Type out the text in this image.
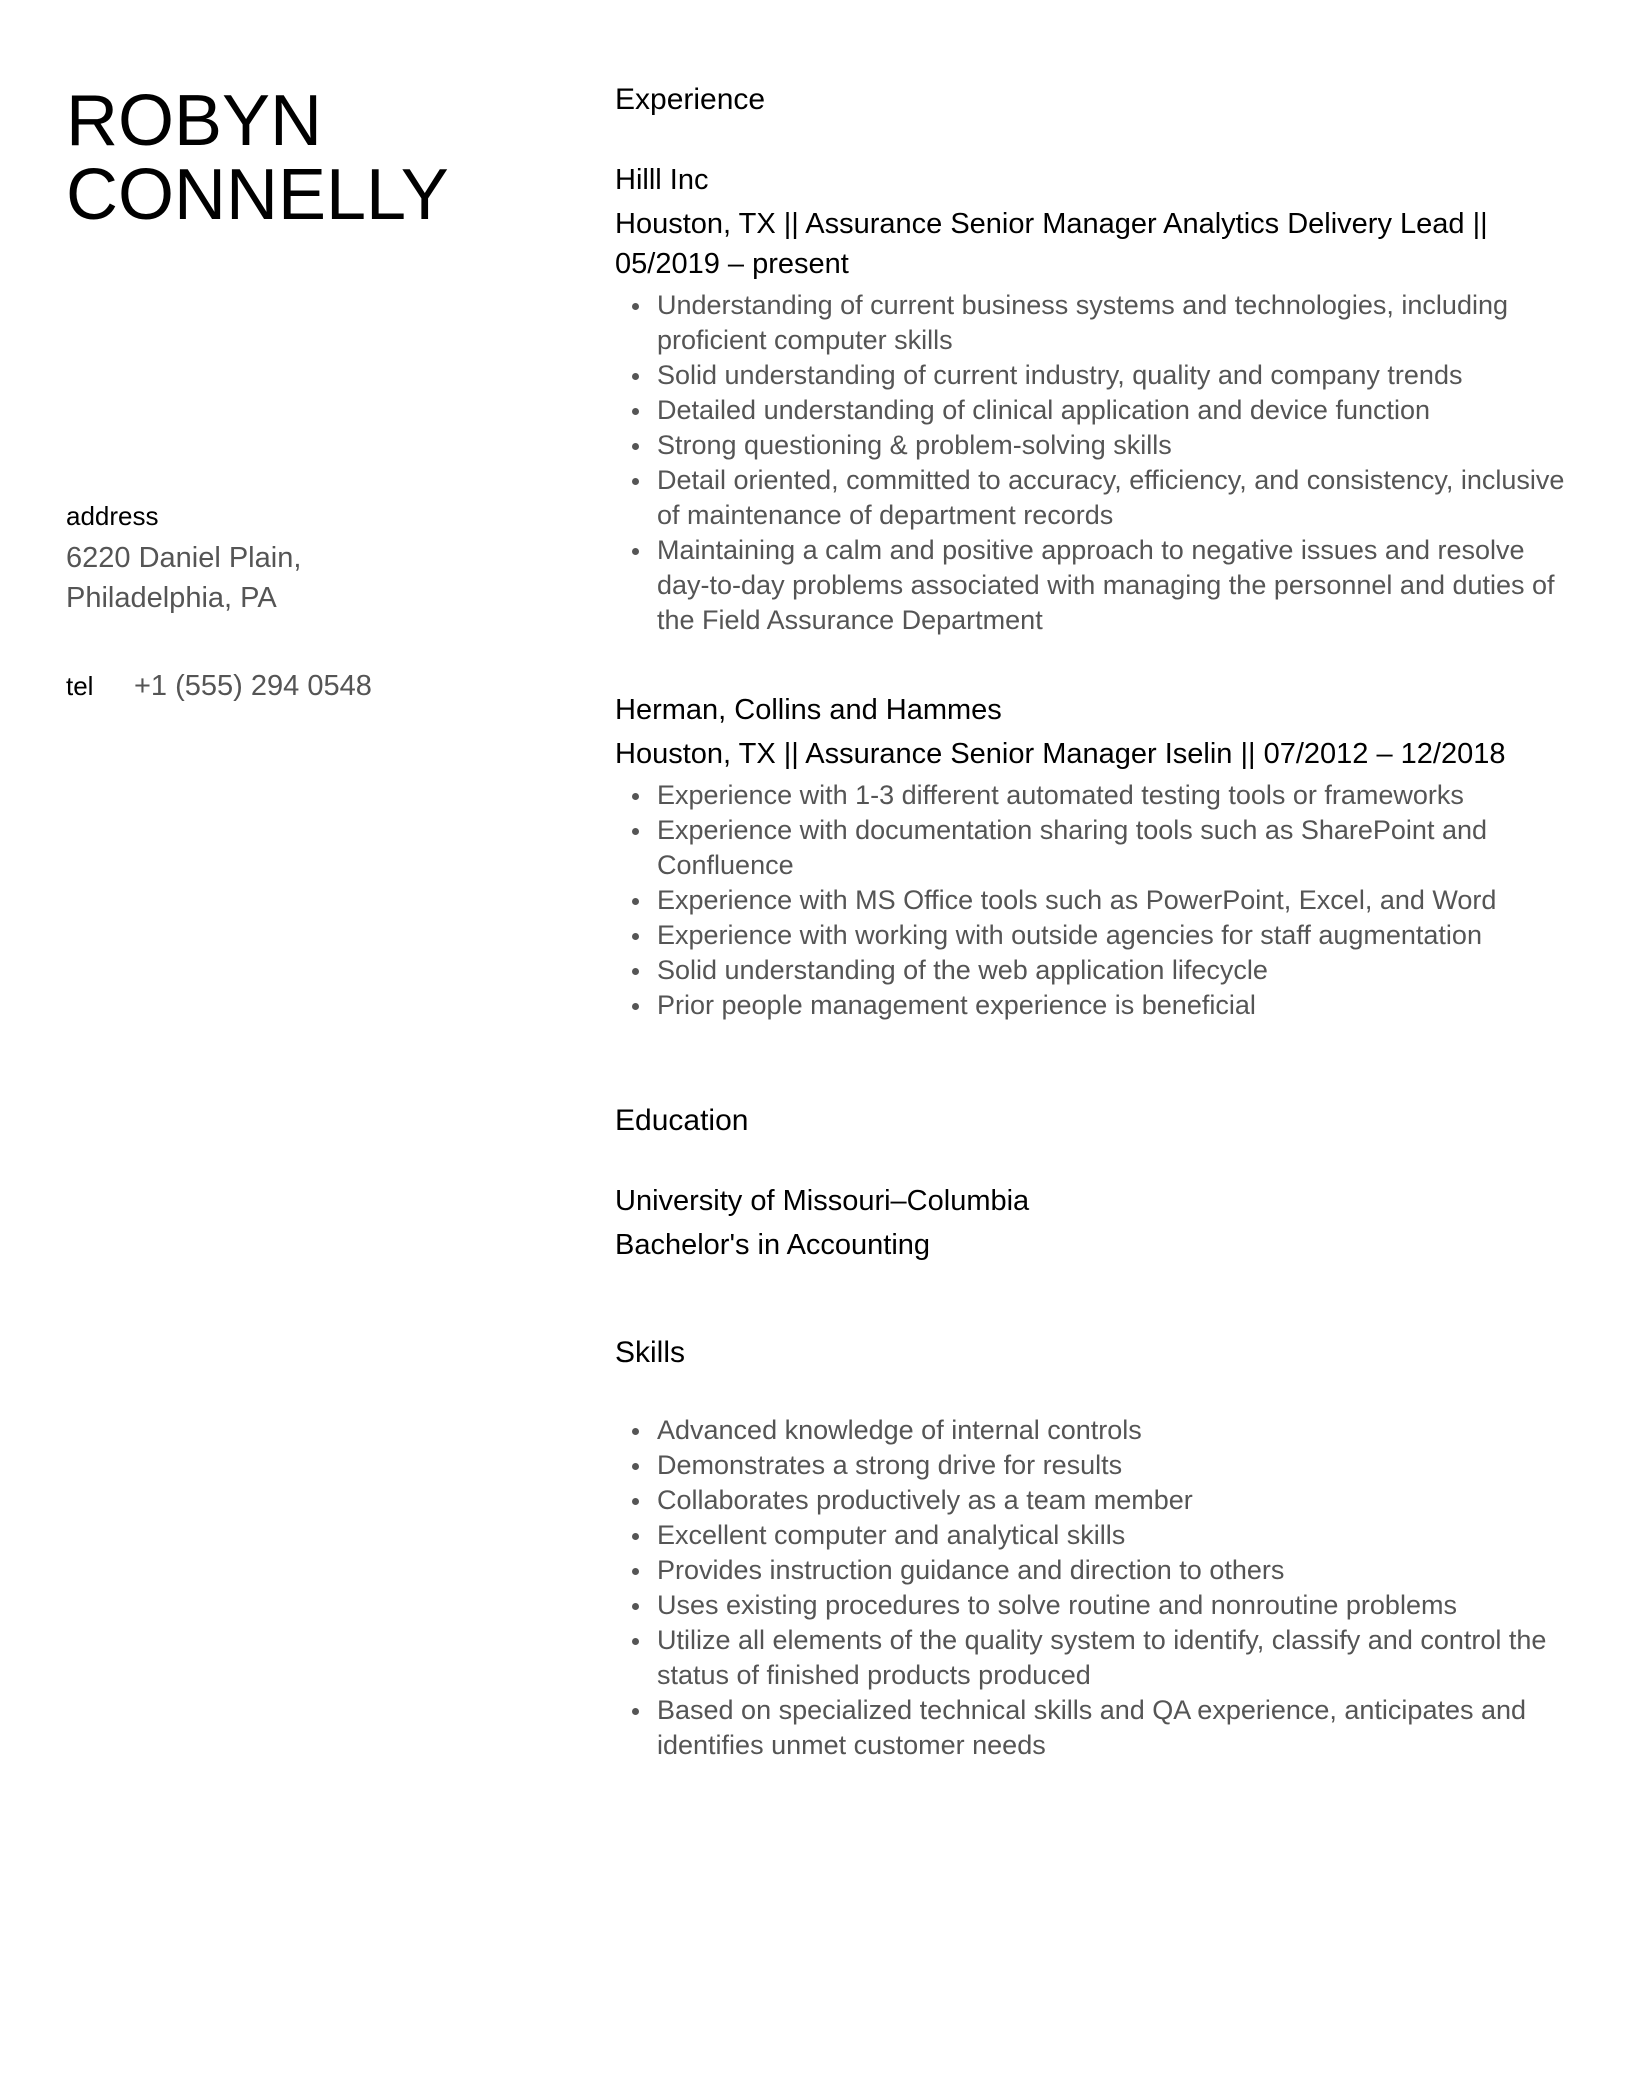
ROBYN
CONNELLY
address
6220 Daniel Plain,
Philadelphia, PA
tel	+1 (555) 294 0548
Experience
Hilll Inc
Houston, TX || Assurance Senior Manager Analytics Delivery Lead || 05/2019 – present
Understanding of current business systems and technologies, including proficient computer skills
Solid understanding of current industry, quality and company trends
Detailed understanding of clinical application and device function
Strong questioning & problem-solving skills
Detail oriented, committed to accuracy, efficiency, and consistency, inclusive of maintenance of department records
Maintaining a calm and positive approach to negative issues and resolve day-to-day problems associated with managing the personnel and duties of the Field Assurance Department
Herman, Collins and Hammes
Houston, TX || Assurance Senior Manager Iselin || 07/2012 – 12/2018
Experience with 1-3 different automated testing tools or frameworks
Experience with documentation sharing tools such as SharePoint and Confluence
Experience with MS Office tools such as PowerPoint, Excel, and Word
Experience with working with outside agencies for staff augmentation
Solid understanding of the web application lifecycle
Prior people management experience is beneficial
Education
University of Missouri–Columbia
Bachelor's in Accounting
Skills
Advanced knowledge of internal controls
Demonstrates a strong drive for results
Collaborates productively as a team member
Excellent computer and analytical skills
Provides instruction guidance and direction to others
Uses existing procedures to solve routine and nonroutine problems
Utilize all elements of the quality system to identify, classify and control the status of finished products produced
Based on specialized technical skills and QA experience, anticipates and identifies unmet customer needs
